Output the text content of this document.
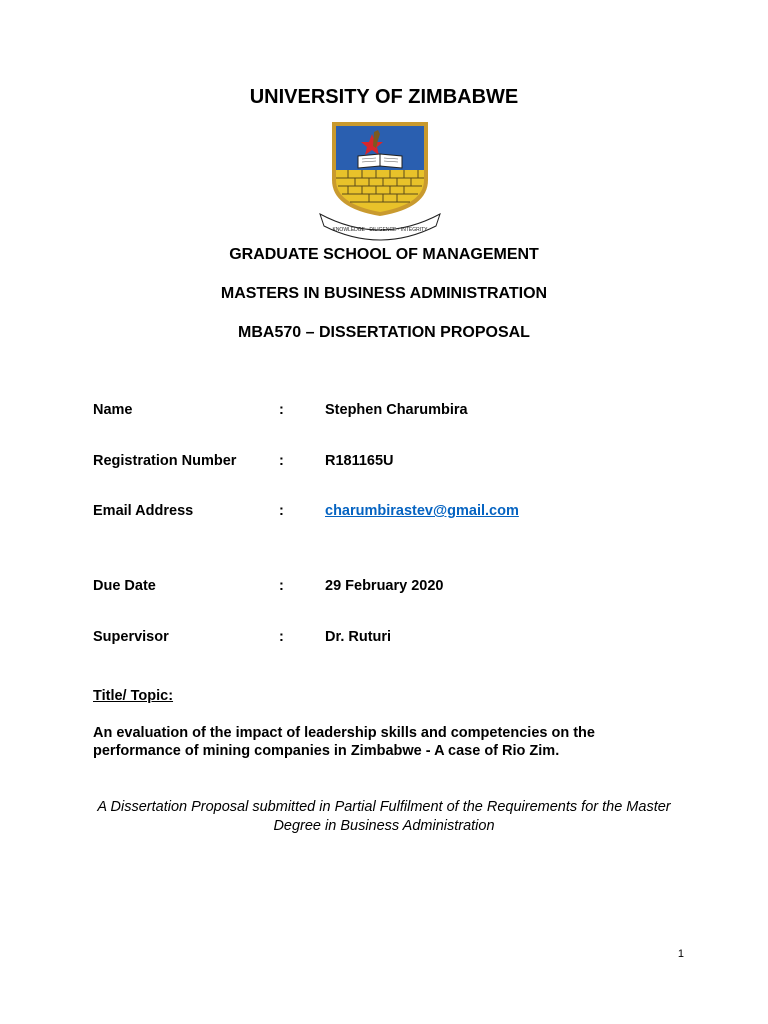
UNIVERSITY OF ZIMBABWE
KNOWLEDGE · DILIGENCE · INTEGRITY
GRADUATE SCHOOL OF MANAGEMENT
MASTERS IN BUSINESS ADMINISTRATION
MBA570 – DISSERTATION PROPOSAL
Name	:	Stephen Charumbira
Registration Number	:	R181165U
Email Address	:	charumbirastev@gmail.com
Due Date	:	29 February 2020
Supervisor	:	Dr. Ruturi
Title/ Topic:
An evaluation of the impact of leadership skills and competencies on the performance of mining companies in Zimbabwe - A case of Rio Zim.
A Dissertation Proposal submitted in Partial Fulfilment of the Requirements for the Master Degree in Business Administration
1
